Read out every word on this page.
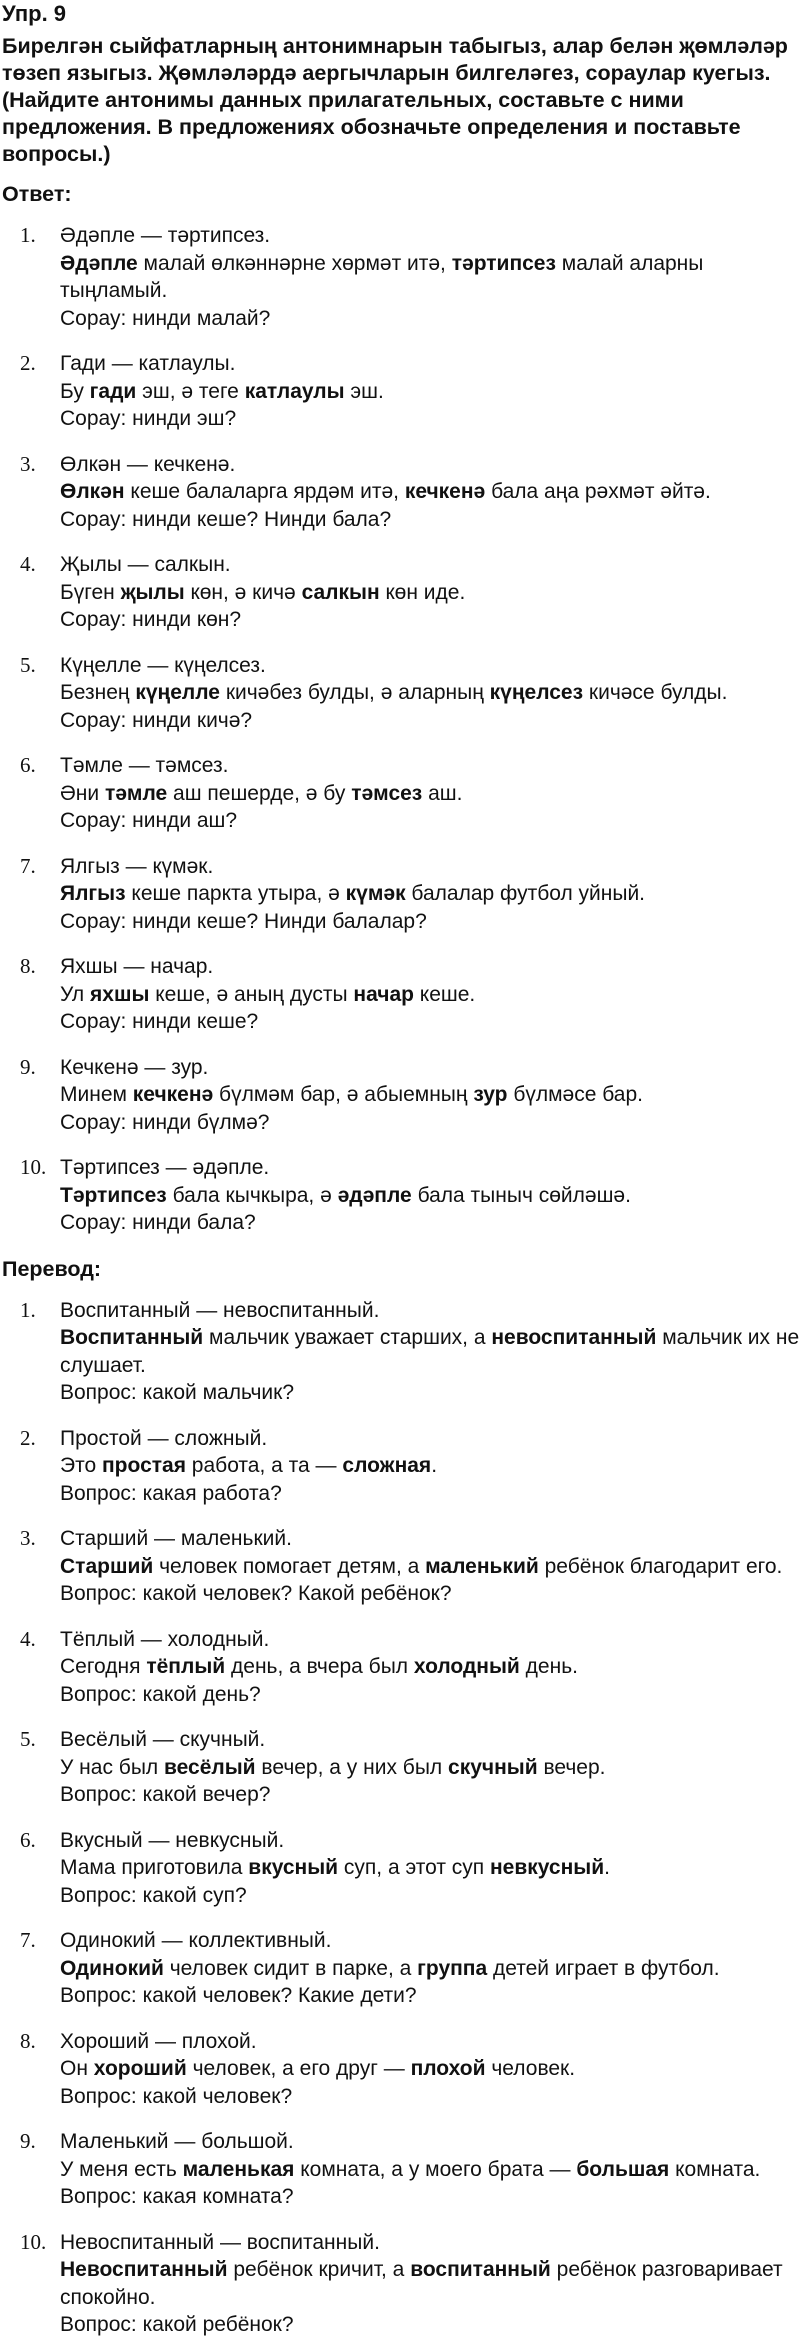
Упр. 9
Бирелгән сыйфатларның антонимнарын табыгыз, алар белән җөмләләр төзеп языгыз. Җөмләләрдә аергычларын билгеләгез, сораулар куегыз. (Найдите антонимы данных прилагательных, составьте с ними предложения. В предложениях обозначьте определения и поставьте вопросы.)
Ответ:
1. Әдәпле — тәртипсез.
Әдәпле малай өлкәннәрне хөрмәт итә, тәртипсез малай аларны тыңламый.
Сорау: нинди малай?
2. Гади — катлаулы.
Бу гади эш, ә теге катлаулы эш.
Сорау: нинди эш?
3. Өлкән — кечкенә.
Өлкән кеше балаларга ярдәм итә, кечкенә бала аңа рәхмәт әйтә.
Сорау: нинди кеше? Нинди бала?
4. Җылы — салкын.
Бүген җылы көн, ә кичә салкын көн иде.
Сорау: нинди көн?
5. Күңелле — күңелсез.
Безнең күңелле кичәбез булды, ә аларның күңелсез кичәсе булды.
Сорау: нинди кичә?
6. Тәмле — тәмсез.
Әни тәмле аш пешерде, ә бу тәмсез аш.
Сорау: нинди аш?
7. Ялгыз — күмәк.
Ялгыз кеше паркта утыра, ә күмәк балалар футбол уйный.
Сорау: нинди кеше? Нинди балалар?
8. Яхшы — начар.
Ул яхшы кеше, ә аның дусты начар кеше.
Сорау: нинди кеше?
9. Кечкенә — зур.
Минем кечкенә бүлмәм бар, ә абыемның зур бүлмәсе бар.
Сорау: нинди бүлмә?
10. Тәртипсез — әдәпле.
Тәртипсез бала кычкыра, ә әдәпле бала тыныч сөйләшә.
Сорау: нинди бала?
Перевод:
1. Воспитанный — невоспитанный.
Воспитанный мальчик уважает старших, а невоспитанный мальчик их не слушает.
Вопрос: какой мальчик?
2. Простой — сложный.
Это простая работа, а та — сложная.
Вопрос: какая работа?
3. Старший — маленький.
Старший человек помогает детям, а маленький ребёнок благодарит его.
Вопрос: какой человек? Какой ребёнок?
4. Тёплый — холодный.
Сегодня тёплый день, а вчера был холодный день.
Вопрос: какой день?
5. Весёлый — скучный.
У нас был весёлый вечер, а у них был скучный вечер.
Вопрос: какой вечер?
6. Вкусный — невкусный.
Мама приготовила вкусный суп, а этот суп невкусный.
Вопрос: какой суп?
7. Одинокий — коллективный.
Одинокий человек сидит в парке, а группа детей играет в футбол.
Вопрос: какой человек? Какие дети?
8. Хороший — плохой.
Он хороший человек, а его друг — плохой человек.
Вопрос: какой человек?
9. Маленький — большой.
У меня есть маленькая комната, а у моего брата — большая комната.
Вопрос: какая комната?
10. Невоспитанный — воспитанный.
Невоспитанный ребёнок кричит, а воспитанный ребёнок разговаривает спокойно.
Вопрос: какой ребёнок?
